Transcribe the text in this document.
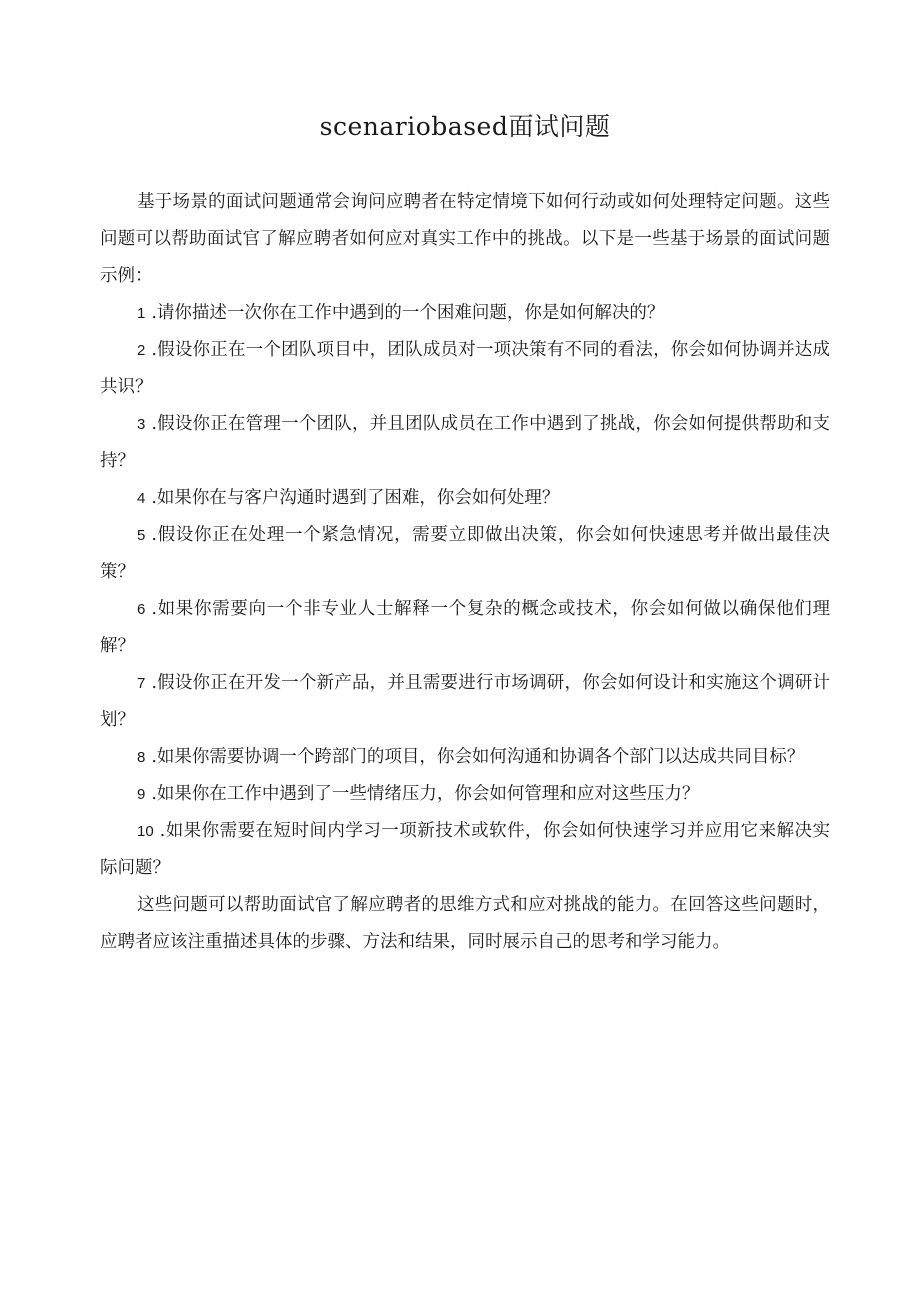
scenariobased面试问题

基于场景的面试问题通常会询问应聘者在特定情境下如何行动或如何处理特定问题。这些问题可以帮助面试官了解应聘者如何应对真实工作中的挑战。以下是一些基于场景的面试问题示例：

1 .请你描述一次你在工作中遇到的一个困难问题，你是如何解决的？

2 .假设你正在一个团队项目中，团队成员对一项决策有不同的看法，你会如何协调并达成共识？

3 .假设你正在管理一个团队，并且团队成员在工作中遇到了挑战，你会如何提供帮助和支持？

4 .如果你在与客户沟通时遇到了困难，你会如何处理？

5 .假设你正在处理一个紧急情况，需要立即做出决策，你会如何快速思考并做出最佳决策？

6 .如果你需要向一个非专业人士解释一个复杂的概念或技术，你会如何做以确保他们理解？

7 .假设你正在开发一个新产品，并且需要进行市场调研，你会如何设计和实施这个调研计划？

8 .如果你需要协调一个跨部门的项目，你会如何沟通和协调各个部门以达成共同目标？

9 .如果你在工作中遇到了一些情绪压力，你会如何管理和应对这些压力？

10 .如果你需要在短时间内学习一项新技术或软件，你会如何快速学习并应用它来解决实际问题？

这些问题可以帮助面试官了解应聘者的思维方式和应对挑战的能力。在回答这些问题时，应聘者应该注重描述具体的步骤、方法和结果，同时展示自己的思考和学习能力。
